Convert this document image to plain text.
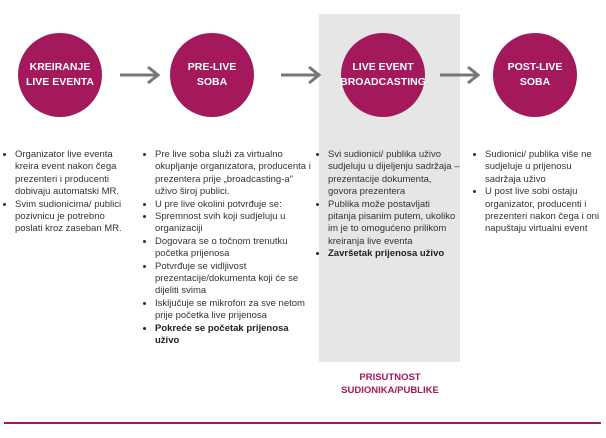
KREIRANJE
LIVE EVENTA
PRE-LIVE
SOBA
LIVE EVENT
BROADCASTING
POST-LIVE
SOBA
• Organizator live eventa kreira event nakon čega prezenteri i producenti dobivaju automatski MR.
• Svim sudionicima/ publici pozivnicu je potrebno poslati kroz zaseban MR.
• Pre live soba služi za virtualno okupljanje organizatora, producenta i prezentera prije „broadcasting-a" uživo široj publici.
• U pre live okolini potvrđuje se:
• Spremnost svih koji sudjeluju u organizaciji
• Dogovara se o točnom trenutku početka prijenosa
• Potvrđuje se vidljivost prezentacije/dokumenta koji će se dijeliti svima
• Isključuje se mikrofon za sve netom prije početka live prijenosa
• Pokreće se početak prijenosa uživo
• Svi sudionici/ publika uživo sudjeluju u dijeljenju sadržaja – prezentacije dokumenta, govora prezentera
• Publika može postavljati pitanja pisanim putem, ukoliko im je to omogućeno prilikom kreiranja live eventa
• Završetak prijenosa uživo
• Sudionici/ publika više ne sudjeluje u prijenosu sadržaja uživo
• U post live sobi ostaju organizator, producenti i prezenteri nakon čega i oni napuštaju virtualni event
PRISUTNOST
SUDIONIKA/PUBLIKE
